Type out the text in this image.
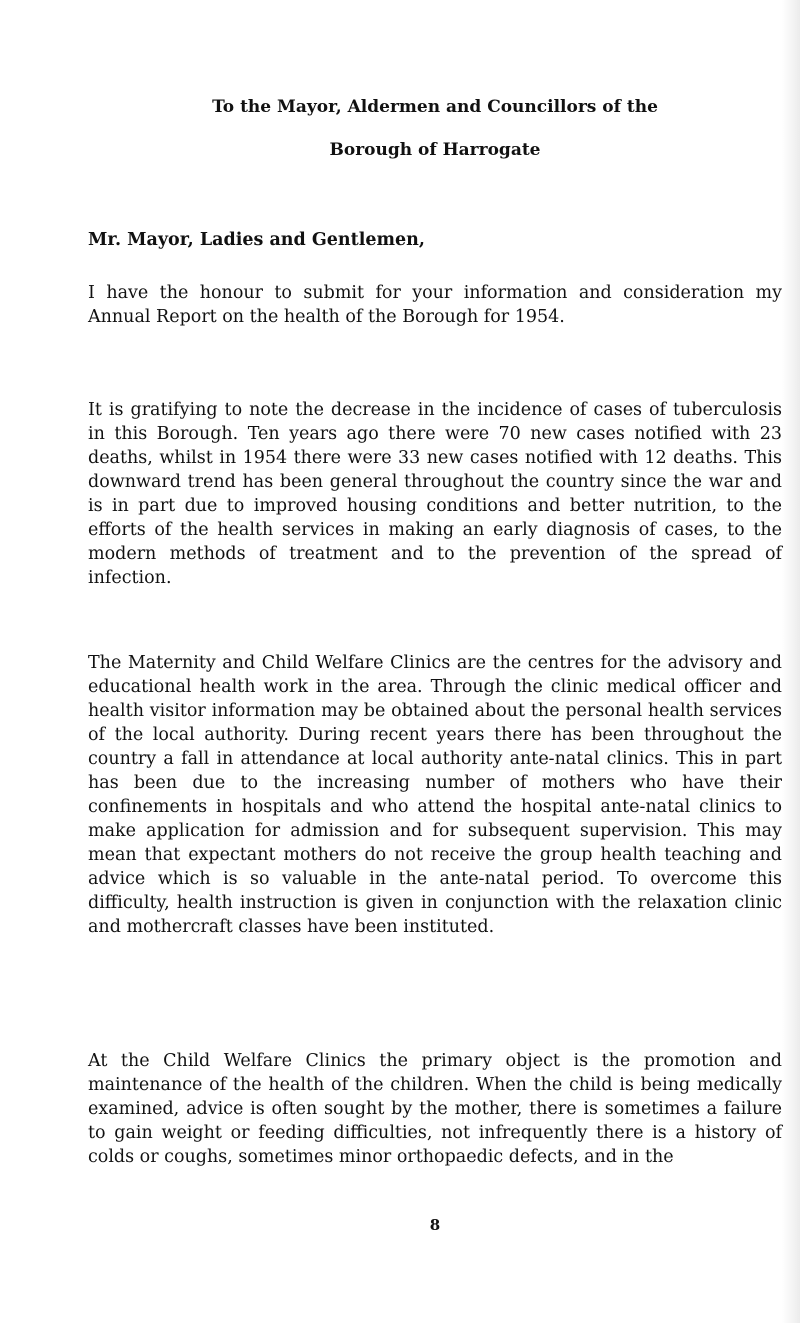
To the Mayor, Aldermen and Councillors of the

Borough of Harrogate

Mr. Mayor, Ladies and Gentlemen,

I have the honour to submit for your information and consideration my Annual Report on the health of the Borough for 1954.

It is gratifying to note the decrease in the incidence of cases of tuberculosis in this Borough. Ten years ago there were 70 new cases notified with 23 deaths, whilst in 1954 there were 33 new cases notified with 12 deaths. This downward trend has been general throughout the country since the war and is in part due to improved housing conditions and better nutrition, to the efforts of the health services in making an early diagnosis of cases, to the modern methods of treatment and to the prevention of the spread of infection.

The Maternity and Child Welfare Clinics are the centres for the advisory and educational health work in the area. Through the clinic medical officer and health visitor information may be obtained about the personal health services of the local authority. During recent years there has been throughout the country a fall in attendance at local authority ante-natal clinics. This in part has been due to the increasing number of mothers who have their confinements in hospitals and who attend the hospital ante-natal clinics to make application for admission and for subsequent supervision. This may mean that expectant mothers do not receive the group health teaching and advice which is so valuable in the ante-natal period. To overcome this difficulty, health instruction is given in conjunction with the relaxation clinic and mothercraft classes have been instituted.

At the Child Welfare Clinics the primary object is the promotion and maintenance of the health of the children. When the child is being medically examined, advice is often sought by the mother, there is sometimes a failure to gain weight or feeding difficulties, not infrequently there is a history of colds or coughs, sometimes minor orthopaedic defects, and in the

8
